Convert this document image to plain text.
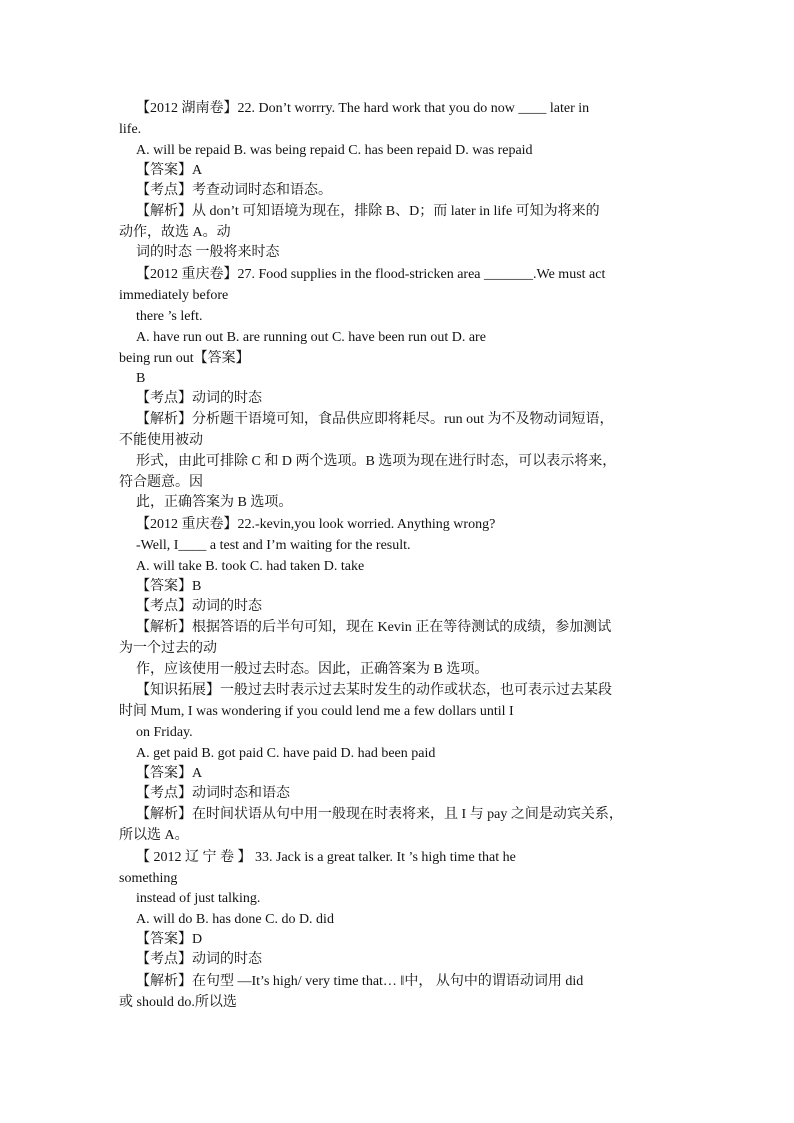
【2012 湖南卷】22. Don’t worrry. The hard work that you do now ____ later in
life.
A. will be repaid B. was being repaid C. has been repaid D. was repaid
【答案】A
【考点】考查动词时态和语态。
【解析】从 don’t 可知语境为现在，排除 B、D；而 later in life 可知为将来的
动作，故选 A。动
词的时态 一般将来时态
【2012 重庆卷】27. Food supplies in the flood-stricken area _______.We must act
immediately before
there ’s left.
A. have run out B. are running out C. have been run out D. are
being run out【答案】
B
【考点】动词的时态
【解析】分析题干语境可知，食品供应即将耗尽。run out 为不及物动词短语，
不能使用被动
形式，由此可排除 C 和 D 两个选项。B 选项为现在进行时态，可以表示将来，
符合题意。因
此，正确答案为 B 选项。
【2012 重庆卷】22.-kevin,you look worried. Anything wrong?
-Well, I____ a test and I’m waiting for the result.
A. will take B. took C. had taken D. take
【答案】B
【考点】动词的时态
【解析】根据答语的后半句可知，现在 Kevin 正在等待测试的成绩，参加测试
为一个过去的动
作，应该使用一般过去时态。因此，正确答案为 B 选项。
【知识拓展】一般过去时表示过去某时发生的动作或状态，也可表示过去某段
时间 Mum, I was wondering if you could lend me a few dollars until I
on Friday.
A. get paid B. got paid C. have paid D. had been paid
【答案】A
【考点】动词时态和语态
【解析】在时间状语从句中用一般现在时表将来，且 I 与 pay 之间是动宾关系，
所以选 A。
【 2012 辽 宁 卷 】 33. Jack is a great talker. It ’s high time that he
something
instead of just talking.
A. will do B. has done C. do D. did
【答案】D
【考点】动词的时态
【解析】在句型 —It’s high/ very time that… ‖中， 从句中的谓语动词用 did
或 should do.所以选
